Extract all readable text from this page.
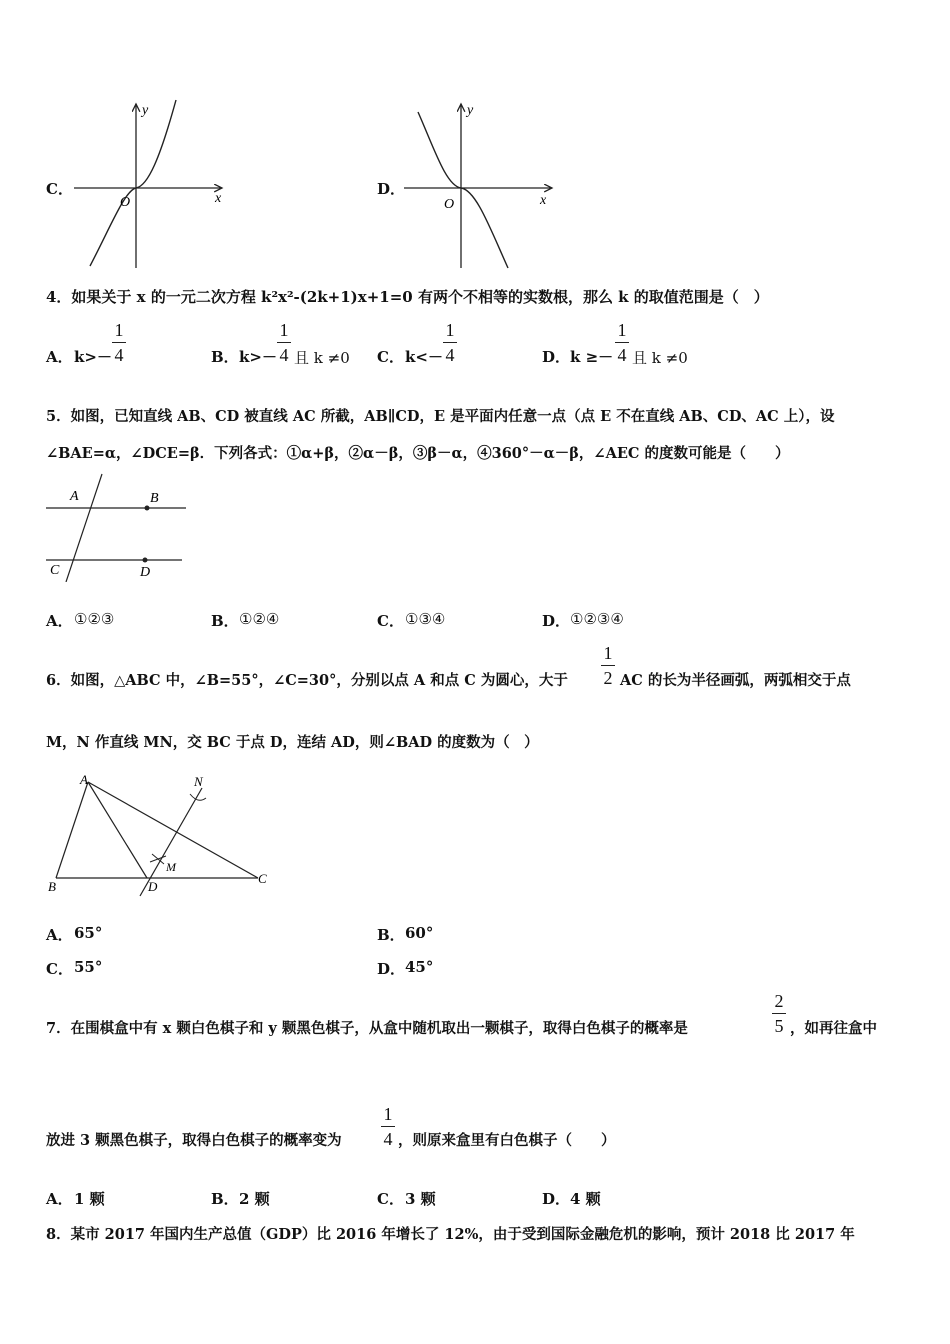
C．
y
x
O
D．
y
x
O
4．如果关于 x 的一元二次方程 k²x²-(2k+1)x+1=0 有两个不相等的实数根，那么 k 的取值范围是（　）
A． k>－
1
4	B． k>－
1
4 且 k ≠0 C． k<－
1
4	D． k ≥－
1
4 且 k ≠0
5．如图，已知直线 AB、CD 被直线 AC 所截，AB∥CD，E 是平面内任意一点（点 E 不在直线 AB、CD、AC 上），设
∠BAE=α，∠DCE=β．下列各式：①α+β，②α－β，③β－α，④360°－α－β，∠AEC 的度数可能是（　　）
A	B
C	D
A． ①②③	B． ①②④	C． ①③④	D． ①②③④
6．如图，△ABC 中，∠B=55°，∠C=30°，分别以点 A 和点 C 为圆心，大于
1
2 AC 的长为半径画弧，两弧相交于点
M，N 作直线 MN，交 BC 于点 D，连结 AD，则∠BAD 的度数为（　）
A	N
M
B	D
C
A． 65°	B． 60°
C． 55°	D． 45°
7．在围棋盒中有 x 颗白色棋子和 y 颗黑色棋子，从盒中随机取出一颗棋子，取得白色棋子的概率是
2
5 ，如再往盒中
放进 3 颗黑色棋子，取得白色棋子的概率变为
1
4 ，则原来盒里有白色棋子（　　）
A． 1 颗	B． 2 颗	C． 3 颗	D． 4 颗
8．某市 2017 年国内生产总值（GDP）比 2016 年增长了 12%，由于受到国际金融危机的影响，预计 2018 比 2017 年
